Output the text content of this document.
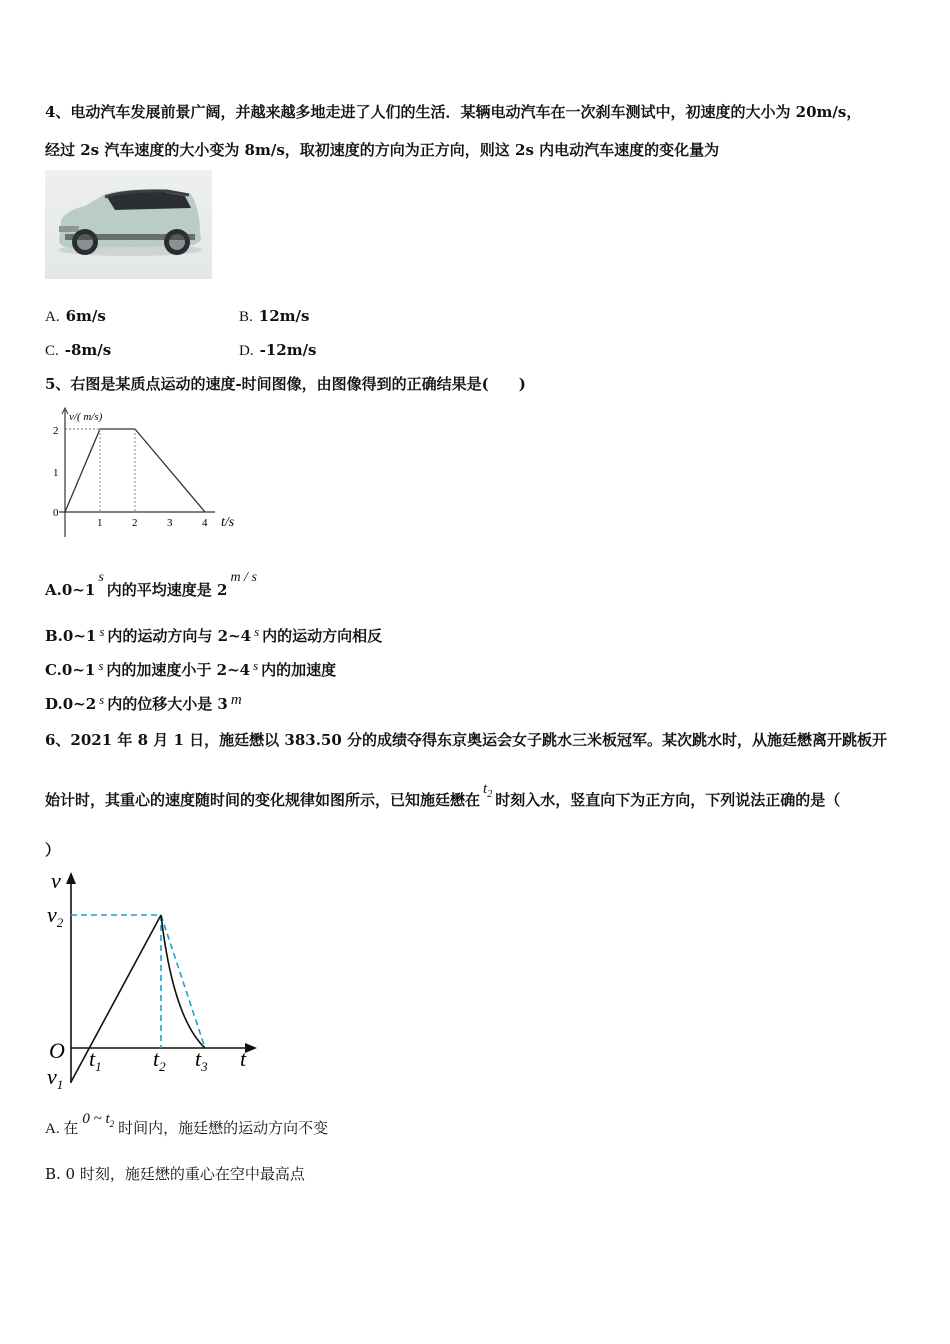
4、电动汽车发展前景广阔，并越来越多地走进了人们的生活．某辆电动汽车在一次刹车测试中，初速度的大小为 20m/s，
经过 2s 汽车速度的大小变为 8m/s，取初速度的方向为正方向，则这 2s 内电动汽车速度的变化量为
A. 6m/s	B. 12m/s
C. -8m/s	D. -12m/s
5、右图是某质点运动的速度-时间图像，由图像得到的正确结果是(　　)
v/( m/s)
2
1
0
1	2	3	4 t/s
A.0~1s内的平均速度是 2m / s
B.0~1 s 内的运动方向与 2~4 s 内的运动方向相反
C.0~1 s 内的加速度小于 2~4 s 内的加速度
D.0~2 s 内的位移大小是 3 m
6、2021 年 8 月 1 日，施廷懋以 383.50 分的成绩夺得东京奥运会女子跳水三米板冠军。某次跳水时，从施廷懋离开跳板开
始计时，其重心的速度随时间的变化规律如图所示，已知施廷懋在$t_2$ 时刻入水，竖直向下为正方向，下列说法正确的是（
）
v
$v_2$
O
$v_1$
$t_1$ $t_2$ $t_3$ t
A. 在0 ~ $t_2$ 时间内，施廷懋的运动方向不变
B. 0 时刻，施廷懋的重心在空中最高点
